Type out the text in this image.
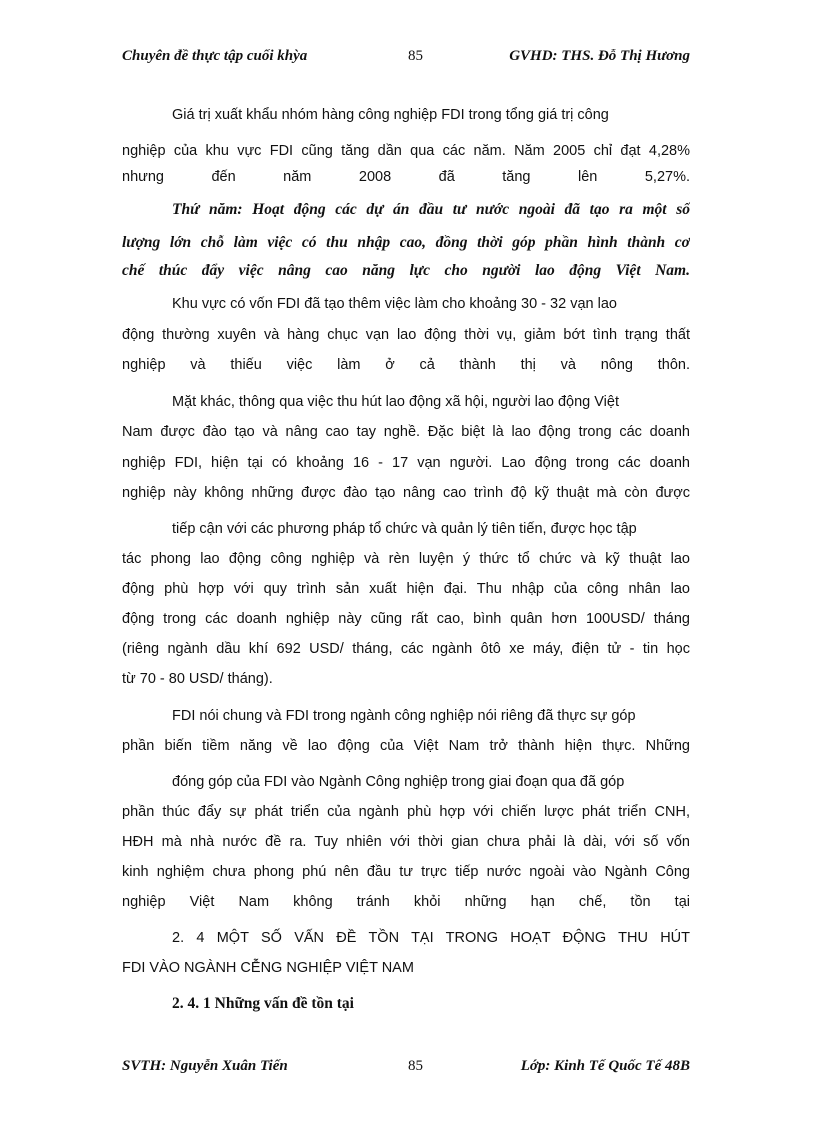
Chuyên đề thực tập cuối khỳa	85	GVHD: THS. Đỗ Thị Hương
Giá trị xuất khẩu nhóm hàng công nghiệp FDI trong tổng giá trị công
nghiệp của khu vực FDI cũng tăng dần qua các năm. Năm 2005 chỉ đạt 4,28%
nhưng đến năm 2008 đã tăng lên 5,27%.
Thứ năm: Hoạt động các dự án đầu tư nước ngoài đã tạo ra một số
lượng lớn chỗ làm việc có thu nhập cao, đồng thời góp phần hình thành cơ
chế thúc đẩy việc nâng cao năng lực cho người lao động Việt Nam.
Khu vực có vốn FDI đã tạo thêm việc làm cho khoảng 30 - 32 vạn lao
động thường xuyên và hàng chục vạn lao động thời vụ, giảm bớt tình trạng thất
nghiệp và thiếu việc làm ở cả thành thị và nông thôn.
Mặt khác, thông qua việc thu hút lao động xã hội, người lao động Việt
Nam được đào tạo và nâng cao tay nghề. Đặc biệt là lao động trong các doanh
nghiệp FDI, hiện tại có khoảng 16 - 17 vạn người. Lao động trong các doanh
nghiệp này không những được đào tạo nâng cao trình độ kỹ thuật mà còn được
tiếp cận với các phương pháp tổ chức và quản lý tiên tiến, được học tập
tác phong lao động công nghiệp và rèn luyện ý thức tổ chức và kỹ thuật lao
động phù hợp với quy trình sản xuất hiện đại. Thu nhập của công nhân lao
động trong các doanh nghiệp này cũng rất cao, bình quân hơn 100USD/ tháng
(riêng ngành dầu khí 692 USD/ tháng, các ngành ôtô xe máy, điện tử - tin học
từ 70 - 80 USD/ tháng).
FDI nói chung và FDI trong ngành công nghiệp nói riêng đã thực sự góp
phần biến tiềm năng về lao động của Việt Nam trở thành hiện thực. Những
đóng góp của FDI vào Ngành Công nghiệp trong giai đoạn qua đã góp
phần thúc đẩy sự phát triển của ngành phù hợp với chiến lược phát triển CNH,
HĐH mà nhà nước đề ra. Tuy nhiên với thời gian chưa phải là dài, với số vốn
kinh nghiệm chưa phong phú nên đầu tư trực tiếp nước ngoài vào Ngành Công
nghiệp Việt Nam không tránh khỏi những hạn chế, tồn tại
2. 4 MỘT SỐ VẤN ĐỀ TỒN TẠI TRONG HOẠT ĐỘNG THU HÚT
FDI VÀO NGÀNH CỄNG NGHIỆP VIỆT NAM
2. 4. 1 Những vấn đề tồn tại
SVTH: Nguyễn Xuân Tiến	85	Lớp: Kinh Tế Quốc Tế 48B
